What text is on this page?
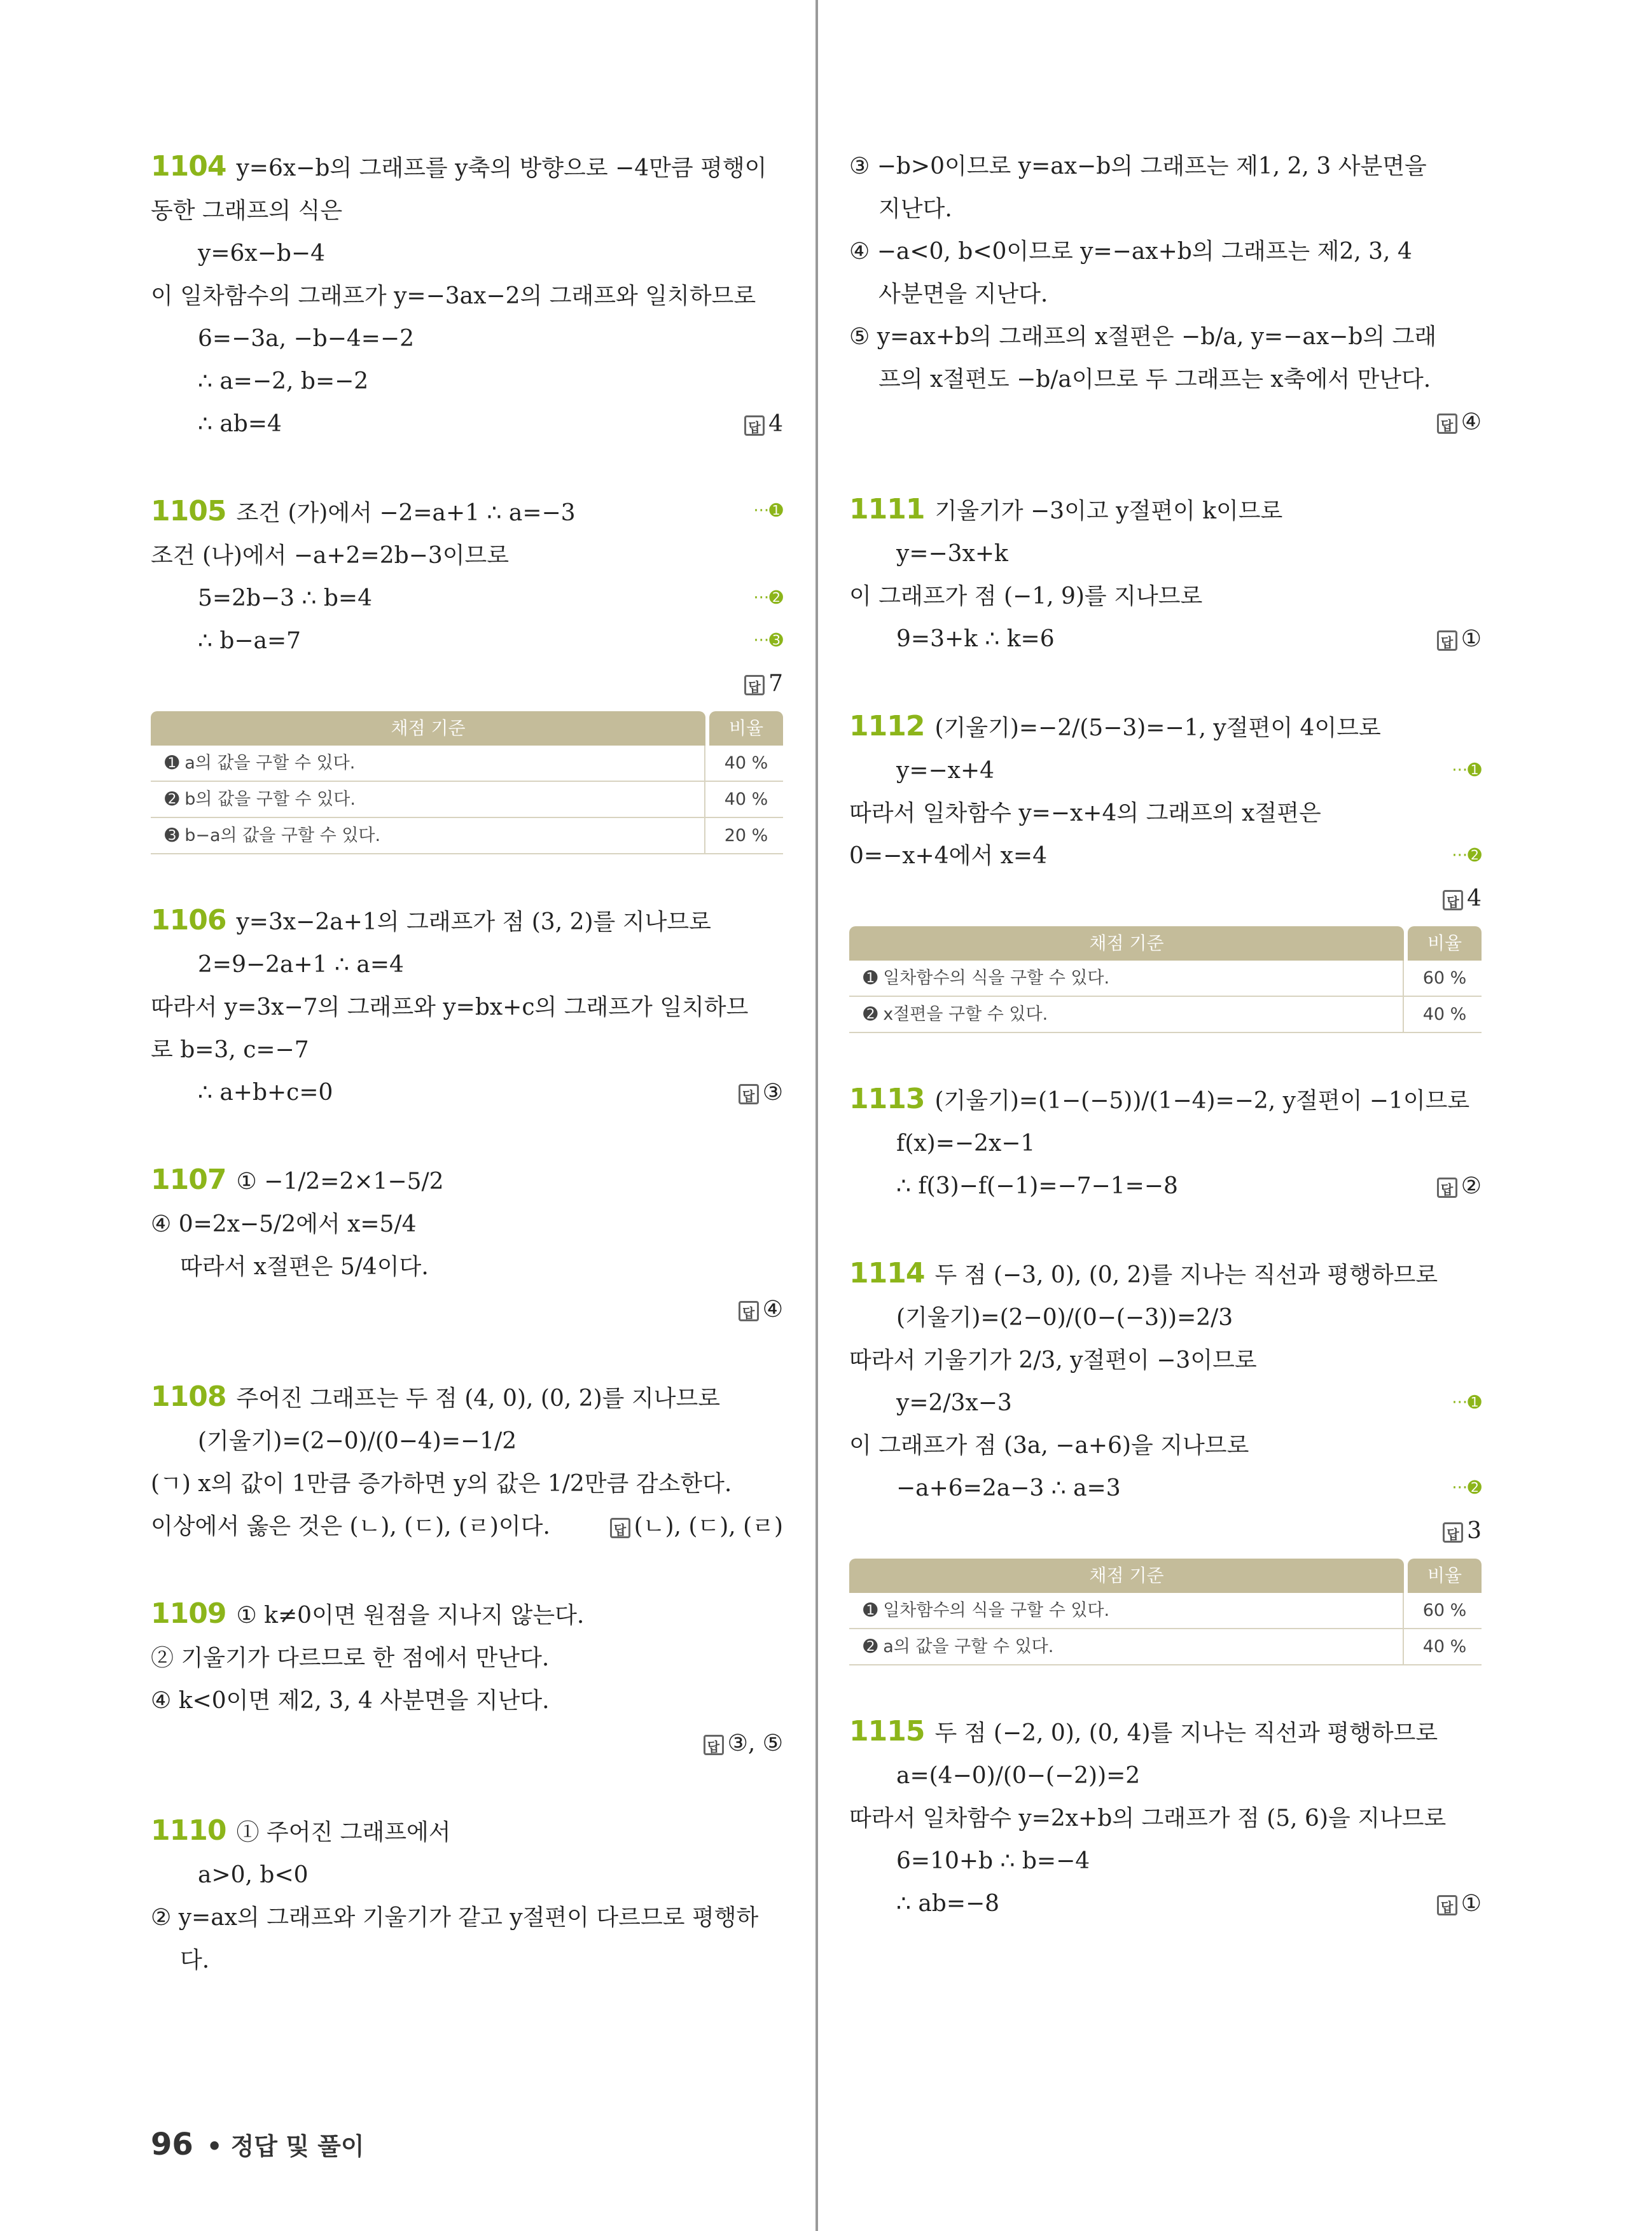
1104 y=6x−b의 그래프를 y축의 방향으로 −4만큼 평행이
동한 그래프의 식은
y=6x−b−4
이 일차함수의 그래프가 y=−3ax−2의 그래프와 일치하므로
6=−3a, −b−4=−2
∴ a=−2, b=−2
∴ ab=4	답 4
1105 조건 (가)에서 −2=a+1 ∴ a=−3	···➊
조건 (나)에서 −a+2=2b−3이므로
5=2b−3 ∴ b=4	···➋
∴ b−a=7	···➌
답 7
채점 기준	비율
➊ a의 값을 구할 수 있다.	40 %
➋ b의 값을 구할 수 있다.	40 %
➌ b−a의 값을 구할 수 있다.	20 %
1106 y=3x−2a+1의 그래프가 점 (3, 2)를 지나므로
2=9−2a+1 ∴ a=4
따라서 y=3x−7의 그래프와 y=bx+c의 그래프가 일치하므
로 b=3, c=−7
∴ a+b+c=0	답 ③
1107 ① −1/2=2×1−5/2
④ 0=2x−5/2에서 x=5/4
따라서 x절편은 5/4이다.
답 ④
1108 주어진 그래프는 두 점 (4, 0), (0, 2)를 지나므로
(기울기)=(2−0)/(0−4)=−1/2
(ㄱ) x의 값이 1만큼 증가하면 y의 값은 1/2만큼 감소한다.
이상에서 옳은 것은 (ㄴ), (ㄷ), (ㄹ)이다.	답 (ㄴ), (ㄷ), (ㄹ)
1109 ① k≠0이면 원점을 지나지 않는다.
② 기울기가 다르므로 한 점에서 만난다.
④ k<0이면 제2, 3, 4 사분면을 지난다.
답 ③, ⑤
1110 ① 주어진 그래프에서
a>0, b<0
② y=ax의 그래프와 기울기가 같고 y절편이 다르므로 평행하
다.
③ −b>0이므로 y=ax−b의 그래프는 제1, 2, 3 사분면을
지난다.
④ −a<0, b<0이므로 y=−ax+b의 그래프는 제2, 3, 4
사분면을 지난다.
⑤ y=ax+b의 그래프의 x절편은 −b/a, y=−ax−b의 그래
프의 x절편도 −b/a이므로 두 그래프는 x축에서 만난다.
답 ④
1111 기울기가 −3이고 y절편이 k이므로
y=−3x+k
이 그래프가 점 (−1, 9)를 지나므로
9=3+k ∴ k=6	답 ①
1112 (기울기)=−2/(5−3)=−1, y절편이 4이므로
y=−x+4	···➊
따라서 일차함수 y=−x+4의 그래프의 x절편은
0=−x+4에서 x=4	···➋
답 4
채점 기준	비율
➊ 일차함수의 식을 구할 수 있다.	60 %
➋ x절편을 구할 수 있다.	40 %
1113 (기울기)=(1−(−5))/(1−4)=−2, y절편이 −1이므로
f(x)=−2x−1
∴ f(3)−f(−1)=−7−1=−8	답 ②
1114 두 점 (−3, 0), (0, 2)를 지나는 직선과 평행하므로
(기울기)=(2−0)/(0−(−3))=2/3
따라서 기울기가 2/3, y절편이 −3이므로
y=2/3x−3	···➊
이 그래프가 점 (3a, −a+6)을 지나므로
−a+6=2a−3 ∴ a=3	···➋
답 3
채점 기준	비율
➊ 일차함수의 식을 구할 수 있다.	60 %
➋ a의 값을 구할 수 있다.	40 %
1115 두 점 (−2, 0), (0, 4)를 지나는 직선과 평행하므로
a=(4−0)/(0−(−2))=2
따라서 일차함수 y=2x+b의 그래프가 점 (5, 6)을 지나므로
6=10+b ∴ b=−4
∴ ab=−8	답 ①
96 • 정답 및 풀이
